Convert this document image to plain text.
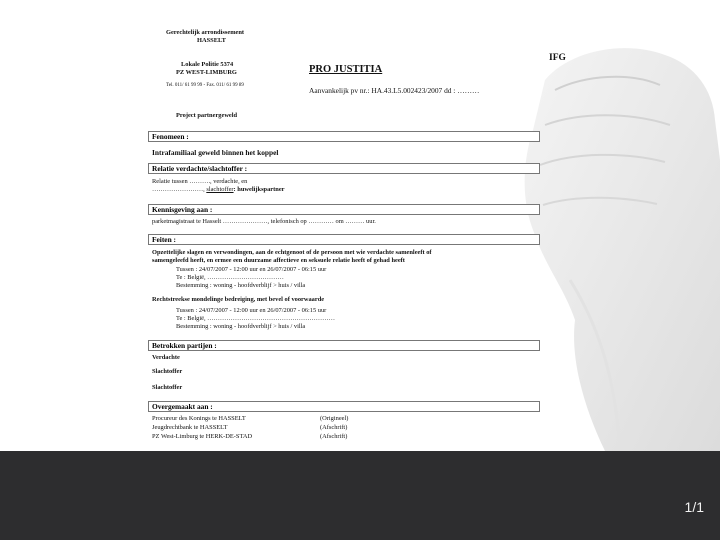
Gerechtelijk arrondissement
HASSELT
Lokale Politie 5374
PZ WEST-LIMBURG
Tel. 011/ 61 99 99 - Fax. 011/ 61 99 89
Project partnergeweld
PRO JUSTITIA
IFG
Aanvankelijk pv nr.: HA.43.L5.002423/2007 dd : ………
Fenomeen :
Intrafamiliaal geweld binnen het koppel
Relatie verdachte/slachtoffer :
Relatie tussen ………., verdachte, en
……………………, slachtoffer: huwelijkspartner
Kennisgeving aan :
parketmagistraat te Hasselt …………………, telefonisch op ………… om ……… uur.
Feiten :
Opzettelijke slagen en verwondingen, aan de echtgenoot of de persoon met wie verdachte samenleeft of
samengeleefd heeft, en ermee een duurzame affectieve en seksuele relatie heeft of gehad heeft
Tussen : 24/07/2007 - 12:00 uur en 26/07/2007 - 06:15 uur
Te : België, ………………………………
Bestemming : woning - hoofdverblijf > huis / villa
Rechtstreekse mondelinge bedreiging, met bevel of voorwaarde
Tussen : 24/07/2007 - 12:00 uur en 26/07/2007 - 06:15 uur
Te : België, ……………………………………………………
Bestemming : woning - hoofdverblijf > huis / villa
Betrokken partijen :
Verdachte
Slachtoffer
Slachtoffer
Overgemaakt aan :
Procureur des Konings te HASSELT	(Origineel)
Jeugdrechtbank te HASSELT	(Afschrift)
PZ West-Limburg te HERK-DE-STAD	(Afschrift)
1/1
